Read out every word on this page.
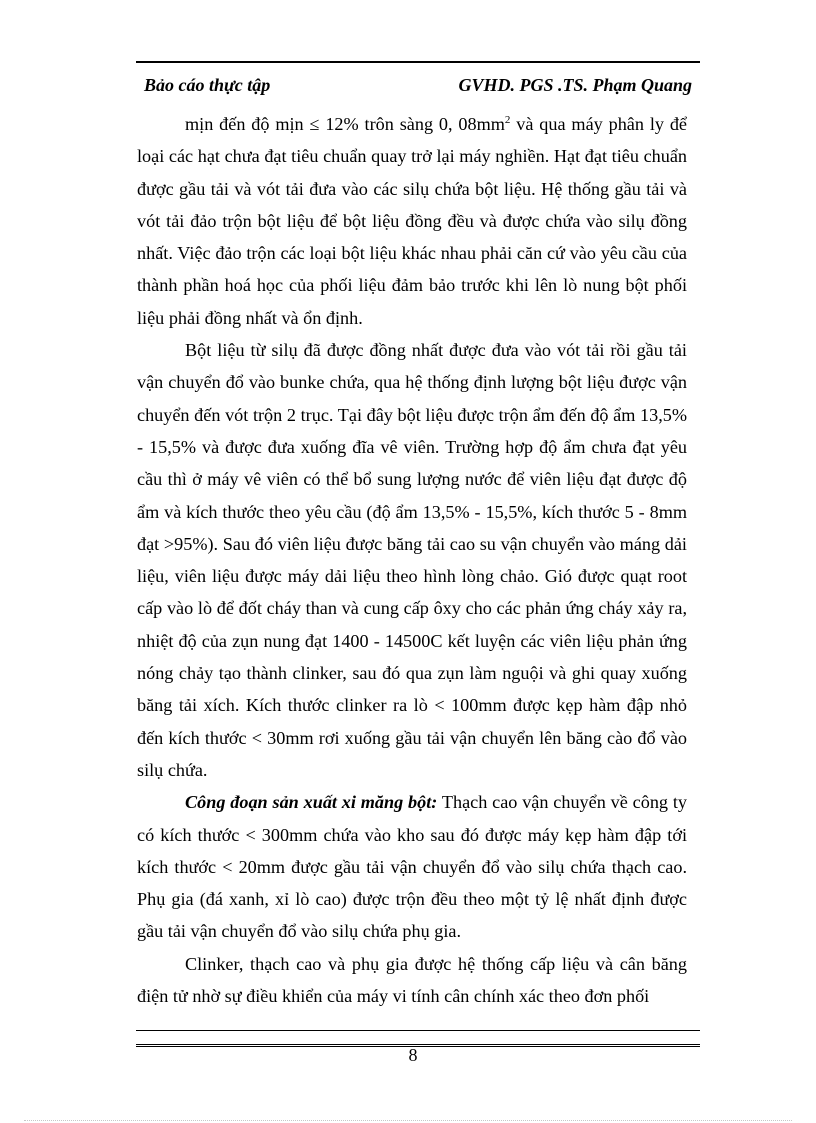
Bảo cáo thực tập	GVHD. PGS .TS. Phạm Quang

mịn đến độ mịn ≤ 12% trôn sàng 0, $08mm^2$ và qua máy phân ly để loại các hạt chưa đạt tiêu chuẩn quay trở lại máy nghiền. Hạt đạt tiêu chuẩn được gầu tải và vót tải đưa vào các silụ chứa bột liệu. Hệ thống gầu tải và vót tải đảo trộn bột liệu để bột liệu đồng đều và được chứa vào silụ đồng nhất. Việc đảo trộn các loại bột liệu khác nhau phải căn cứ vào yêu cầu của thành phần hoá học của phối liệu đảm bảo trước khi lên lò nung bột phối liệu phải đồng nhất và ổn định.

Bột liệu từ silụ đã được đồng nhất được đưa vào vót tải rồi gầu tải vận chuyển đổ vào bunke chứa, qua hệ thống định lượng bột liệu được vận chuyển đến vót trộn 2 trục. Tại đây bột liệu được trộn ẩm đến độ ẩm 13,5% - 15,5% và được đưa xuống đĩa vê viên. Trường hợp độ ẩm chưa đạt yêu cầu thì ở máy vê viên có thể bổ sung lượng nước để viên liệu đạt được độ ẩm và kích thước theo yêu cầu (độ ẩm 13,5% - 15,5%, kích thước 5 - 8mm đạt >95%). Sau đó viên liệu được băng tải cao su vận chuyển vào máng dải liệu, viên liệu được máy dải liệu theo hình lòng chảo. Gió được quạt root cấp vào lò để đốt cháy than và cung cấp ôxy cho các phản ứng cháy xảy ra, nhiệt độ của zụn nung đạt 1400 - 14500C kết luyện các viên liệu phản ứng nóng chảy tạo thành clinker, sau đó qua zụn làm nguội và ghi quay xuống băng tải xích. Kích thước clinker ra lò < 100mm được kẹp hàm đập nhỏ đến kích thước < 30mm rơi xuống gầu tải vận chuyển lên băng cào đổ vào silụ chứa.

Công đoạn sản xuất xi măng bột: Thạch cao vận chuyển về công ty có kích thước < 300mm chứa vào kho sau đó được máy kẹp hàm đập tới kích thước < 20mm được gầu tải vận chuyển đổ vào silụ chứa thạch cao. Phụ gia (đá xanh, xỉ lò cao) được trộn đều theo một tỷ lệ nhất định được gầu tải vận chuyển đổ vào silụ chứa phụ gia.

Clinker, thạch cao và phụ gia được hệ thống cấp liệu và cân băng điện tử nhờ sự điều khiển của máy vi tính cân chính xác theo đơn phối

8
